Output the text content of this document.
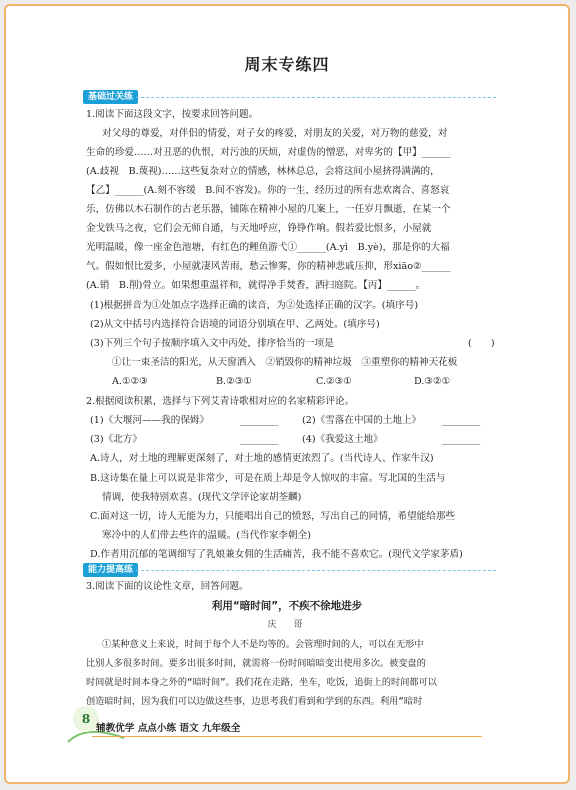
周末专练四
基础过关练
1.阅读下面这段文字，按要求回答问题。
对父母的尊爱，对伴侣的情爱，对子女的疼爱，对朋友的关爱，对万物的慈爱，对
生命的珍爱……对丑恶的仇恨，对污浊的厌烦，对虚伪的憎恶，对卑劣的【甲】______
(A.歧视　B.蔑视)……这些复杂对立的情感，林林总总，会将这间小屋挤得满满的，
【乙】______(A.刻不容缓　B.间不容发)。你的一生，经历过的所有悲欢离合、喜怒哀
乐，仿佛以木石制作的古老乐器，铺陈在精神小屋的几案上，一任岁月飘逝，在某一个
金戈铁马之夜，它们会无师自通，与天地呼应，铮铮作响。假若爱比恨多，小屋就
光明温暖，像一座金色池塘，有红色的鲤鱼游弋①______(A.yì　B.yè)，那是你的大福
气。假如恨比爱多，小屋就凄风苦雨，愁云惨雾，你的精神悲戚压抑，形xiāo②______
(A.销　B.削)骨立。如果想重温祥和，就得净手焚香，洒扫庭院。【丙】______。
(1)根据拼音为①处加点字选择正确的读音，为②处选择正确的汉字。(填序号)
(2)从文中括号内选择符合语境的词语分别填在甲、乙两处。(填序号)
(3)下列三个句子按顺序填入文中丙处，排序恰当的一项是	(　　)
①让一束圣洁的阳光，从天窗洒入　②销毁你的精神垃圾　③重塑你的精神天花板
A.①②③	B.②③①	C.②③①	D.③②①
2.根据阅读积累，选择与下列艾青诗歌相对应的名家精彩评论。
(1)《大堰河——我的保姆》	________ (2)《雪落在中国的土地上》 ________
(3)《北方》	________ (4)《我爱这土地》	________
A.诗人，对土地的理解更深刻了，对土地的感情更浓烈了。(当代诗人、作家牛汉)
B.这诗集在量上可以说是非常少，可是在质上却是令人惊叹的丰富。写北国的生活与
情调，使我特别欢喜。(现代文学评论家胡荃麟)
C.面对这一切，诗人无能为力，只能唱出自己的愤怒，写出自己的同情，希望能给那些
寒冷中的人们带去些许的温暖。(当代作家李朝全)
D.作者用沉郁的笔调细写了乳娘兼女佣的生活痛苦，我不能不喜欢它。(现代文学家茅盾)
能力提高练
3.阅读下面的议论性文章，回答问题。
利用“暗时间”，不疾不徐地进步
庆　哥
①某种意义上来说，时间于每个人不是均等的。会管理时间的人，可以在无形中
比别人多很多时间。要多出很多时间，就需将一份时间暗暗变出使用多次。被变盘的
时间就是时间本身之外的“暗时间”。我们花在走路，坐车，吃饭，追街上的时间都可以
创造暗时间，因为我们可以边做这些事，边思考我们看到和学到的东西。利用“暗时
8
辅教优学 点点小练 语文 九年级全
